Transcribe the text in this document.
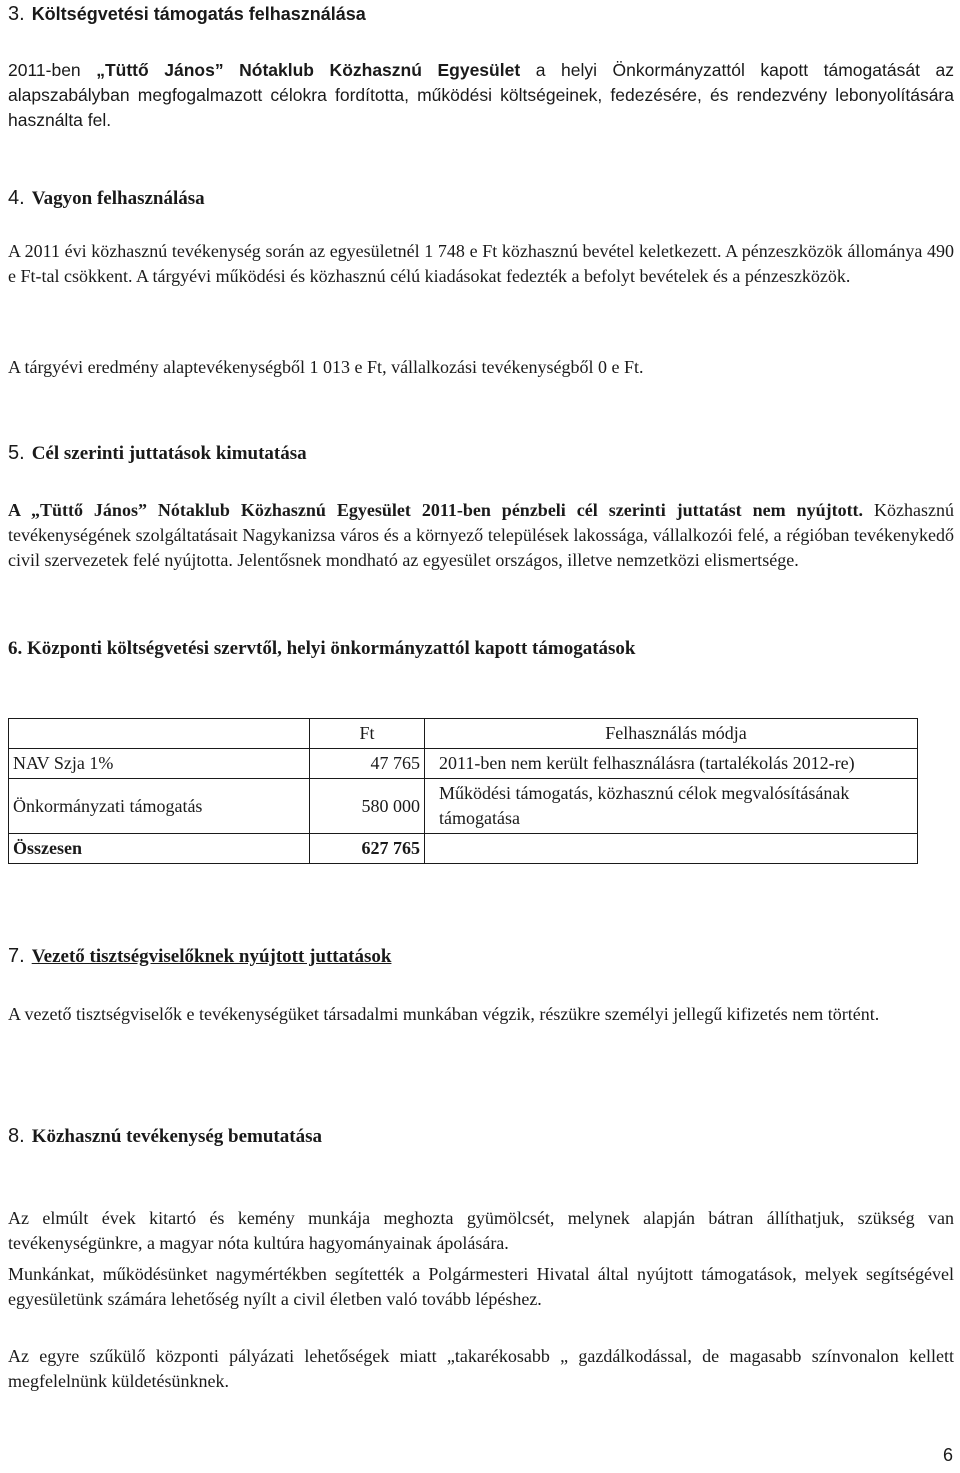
3. Költségvetési támogatás felhasználása

2011-ben „Tüttő János” Nótaklub Közhasznú Egyesület a helyi Önkormányzattól kapott támogatását az alapszabályban megfogalmazott célokra fordította, működési költségeinek, fedezésére, és rendezvény lebonyolítására használta fel.

4. Vagyon felhasználása

A 2011 évi közhasznú tevékenység során az egyesületnél 1 748 e Ft közhasznú bevétel keletkezett. A pénzeszközök állománya 490 e Ft-tal csökkent. A tárgyévi működési és közhasznú célú kiadásokat fedezték a befolyt bevételek és a pénzeszközök.

A tárgyévi eredmény alaptevékenységből 1 013 e Ft, vállalkozási tevékenységből 0 e Ft.

5. Cél szerinti juttatások kimutatása

A „Tüttő János” Nótaklub Közhasznú Egyesület 2011-ben pénzbeli cél szerinti juttatást nem nyújtott. Közhasznú tevékenységének szolgáltatásait Nagykanizsa város és a környező települések lakossága, vállalkozói felé, a régióban tevékenykedő civil szervezetek felé nyújtotta. Jelentősnek mondható az egyesület országos, illetve nemzetközi elismertsége.

6. Központi költségvetési szervtől, helyi önkormányzattól kapott támogatások
	Ft	Felhasználás módja
NAV Szja 1%	47 765	2011-ben nem került felhasználásra (tartalékolás 2012-re)
Önkormányzati támogatás	580 000	Működési támogatás, közhasznú célok megvalósításának támogatása
Összesen	627 765	
7. Vezető tisztségviselőknek nyújtott juttatások

A vezető tisztségviselők e tevékenységüket társadalmi munkában végzik, részükre személyi jellegű kifizetés nem történt.

8. Közhasznú tevékenység bemutatása

Az elmúlt évek kitartó és kemény munkája meghozta gyümölcsét, melynek alapján bátran állíthatjuk, szükség van tevékenységünkre, a magyar nóta kultúra hagyományainak ápolására.

Munkánkat, működésünket nagymértékben segítették a Polgármesteri Hivatal által nyújtott támogatások, melyek segítségével egyesületünk számára lehetőség nyílt a civil életben való tovább lépéshez.

Az egyre szűkülő központi pályázati lehetőségek miatt „takarékosabb „ gazdálkodással, de magasabb színvonalon kellett megfelelnünk küldetésünknek.

6
